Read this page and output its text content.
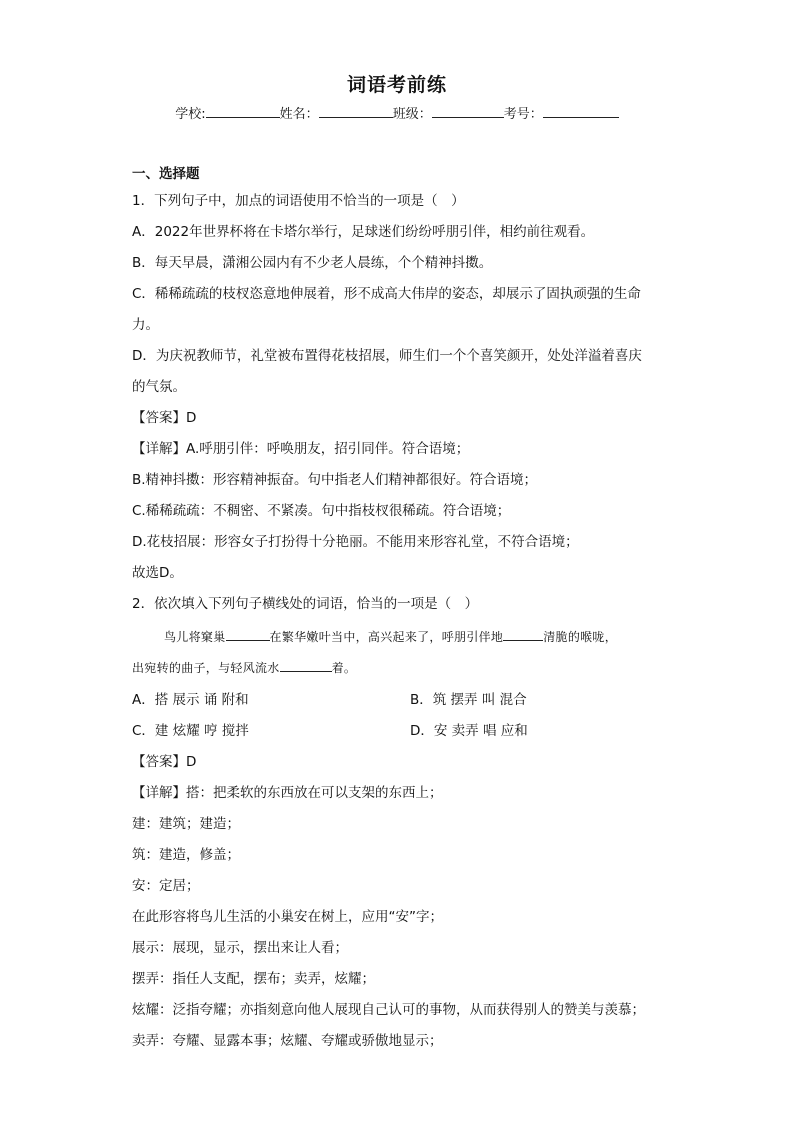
词语考前练
学校:	姓名：	班级：	考号：
一、选择题
1．下列句子中，加点的词语使用不恰当的一项是（　）
A．2022年世界杯将在卡塔尔举行，足球迷们纷纷呼朋引伴，相约前往观看。
B．每天早晨，潇湘公园内有不少老人晨练，个个精神抖擞。
C．稀稀疏疏的枝杈恣意地伸展着，形不成高大伟岸的姿态，却展示了固执顽强的生命
力。
D．为庆祝教师节，礼堂被布置得花枝招展，师生们一个个喜笑颜开，处处洋溢着喜庆
的气氛。
【答案】D
【详解】A.呼朋引伴：呼唤朋友，招引同伴。符合语境；
B.精神抖擞：形容精神振奋。句中指老人们精神都很好。符合语境；
C.稀稀疏疏：不稠密、不紧凑。句中指枝杈很稀疏。符合语境；
D.花枝招展：形容女子打扮得十分艳丽。不能用来形容礼堂，不符合语境；
故选D。
2．依次填入下列句子横线处的词语，恰当的一项是（　）
鸟儿将窠巢	在繁华嫩叶当中，高兴起来了，呼朋引伴地	清脆的喉咙，
出宛转的曲子，与轻风流水	着。
A．搭 展示 诵 附和	B．筑 摆弄 叫 混合
C．建 炫耀 哼 搅拌	D．安 卖弄 唱 应和
【答案】D
【详解】搭：把柔软的东西放在可以支架的东西上；
建：建筑；建造；
筑：建造，修盖；
安：定居；
在此形容将鸟儿生活的小巢安在树上，应用“安”字；
展示：展现，显示，摆出来让人看；
摆弄：指任人支配，摆布；卖弄，炫耀；
炫耀：泛指夸耀；亦指刻意向他人展现自己认可的事物，从而获得别人的赞美与羡慕；
卖弄：夸耀、显露本事；炫耀、夸耀或骄傲地显示；
